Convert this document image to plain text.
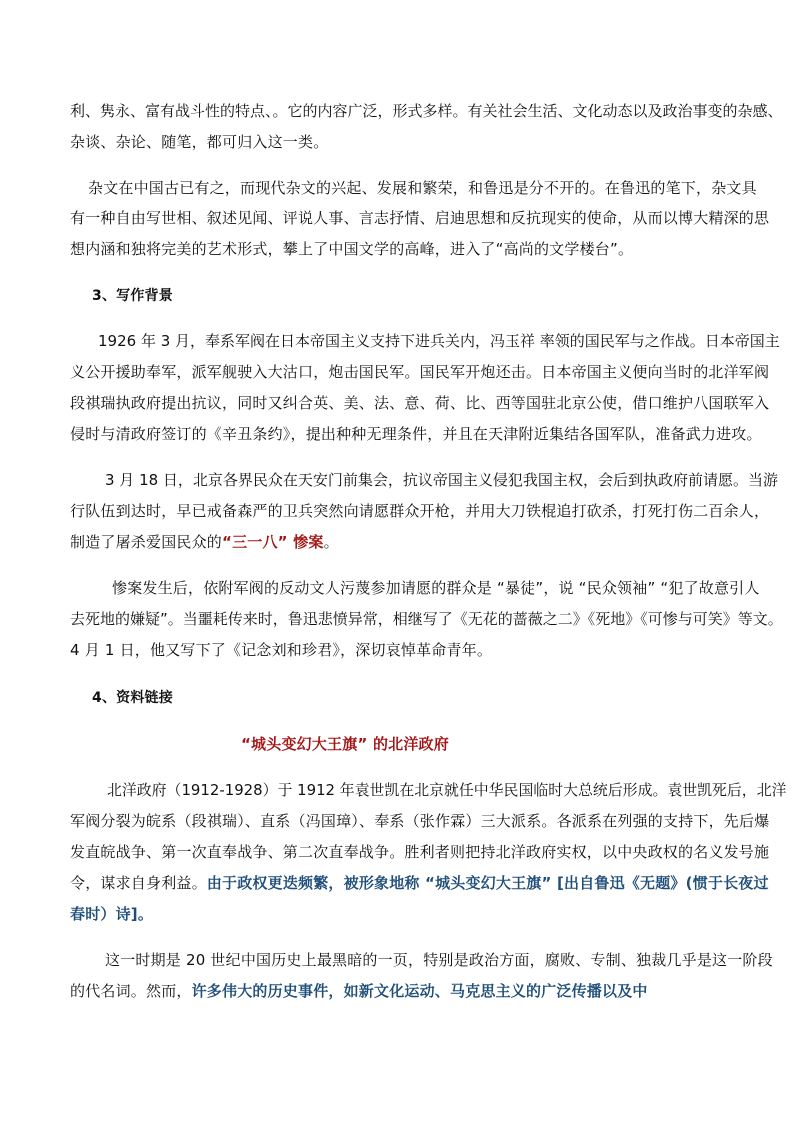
利、隽永、富有战斗性的特点、。它的内容广泛，形式多样。有关社会生活、文化动态以及政治事变的杂感、
杂谈、杂论、随笔，都可归入这一类。
杂文在中国古已有之，而现代杂文的兴起、发展和繁荣，和鲁迅是分不开的。在鲁迅的笔下，杂文具
有一种自由写世相、叙述见闻、评说人事、言志抒情、启迪思想和反抗现实的使命，从而以博大精深的思
想内涵和独将完美的艺术形式，攀上了中国文学的高峰，进入了“高尚的文学楼台”。
3、写作背景
1926 年 3 月，奉系军阀在日本帝国主义支持下进兵关内，冯玉祥 率领的国民军与之作战。日本帝国主
义公开援助奉军，派军舰驶入大沽口，炮击国民军。国民军开炮还击。日本帝国主义便向当时的北洋军阀
段祺瑞执政府提出抗议，同时又纠合英、美、法、意、荷、比、西等国驻北京公使，借口维护八国联军入
侵时与清政府签订的《辛丑条约》，提出种种无理条件，并且在天津附近集结各国军队，准备武力进攻。
3 月 18 日，北京各界民众在天安门前集会，抗议帝国主义侵犯我国主权，会后到执政府前请愿。当游
行队伍到达时，早已戒备森严的卫兵突然向请愿群众开枪，并用大刀铁棍追打砍杀，打死打伤二百余人，
制造了屠杀爱国民众的“三一八” 惨案。
惨案发生后，依附军阀的反动文人污蔑参加请愿的群众是 “暴徒”，说 “民众领袖” “犯了故意引人
去死地的嫌疑”。当噩耗传来时，鲁迅悲愤异常，相继写了《无花的蔷薇之二》《死地》《可惨与可笑》等文。
4 月 1 日，他又写下了《记念刘和珍君》，深切哀悼革命青年。
4、资料链接
“城头变幻大王旗” 的北洋政府
北洋政府（1912-1928）于 1912 年袁世凯在北京就任中华民国临时大总统后形成。袁世凯死后，北洋
军阀分裂为皖系（段祺瑞）、直系（冯国璋）、奉系（张作霖）三大派系。各派系在列强的支持下，先后爆
发直皖战争、第一次直奉战争、第二次直奉战争。胜利者则把持北洋政府实权，以中央政权的名义发号施
令，谋求自身利益。由于政权更迭频繁，被形象地称 “城头变幻大王旗” [出自鲁迅《无题》(惯于长夜过
春时）诗]。
这一时期是 20 世纪中国历史上最黑暗的一页，特别是政治方面，腐败、专制、独裁几乎是这一阶段
的代名词。然而，许多伟大的历史事件，如新文化运动、马克思主义的广泛传播以及中
